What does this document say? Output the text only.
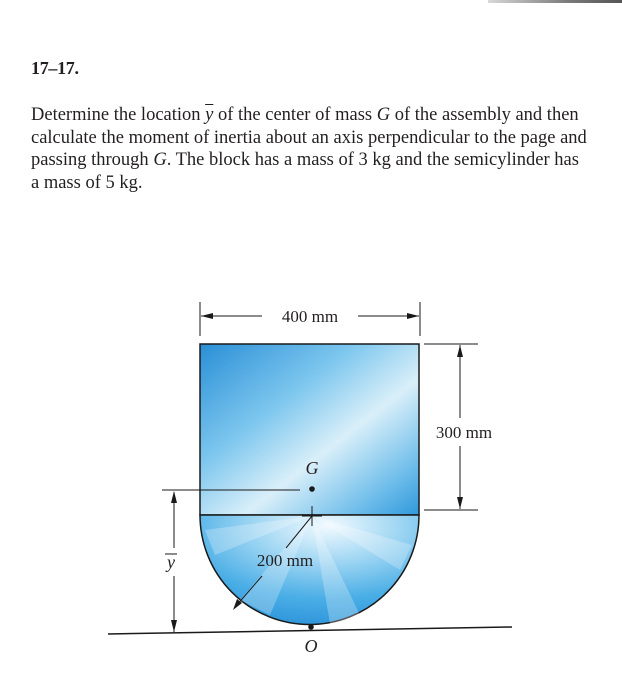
17–17.

Determine the location $\overline{y}$ of the center of mass G of the assembly and then calculate the moment of inertia about an axis perpendicular to the page and passing through G. The block has a mass of 3 kg and the semicylinder has a mass of 5 kg.

400 mm
300 mm
y
G
200 mm
O
